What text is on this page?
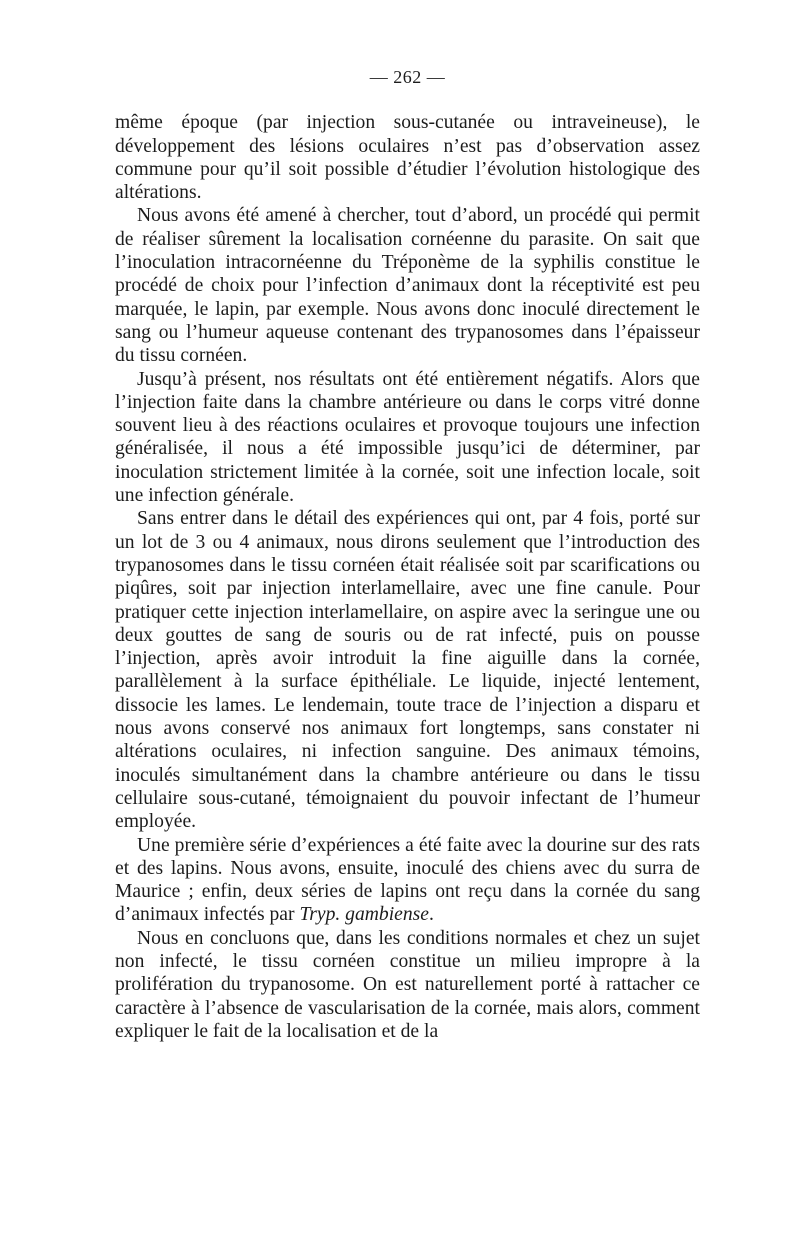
— 262 —

même époque (par injection sous-cutanée ou intraveineuse), le développement des lésions oculaires n’est pas d’observation assez commune pour qu’il soit possible d’étudier l’évolution histologique des altérations.

Nous avons été amené à chercher, tout d’abord, un procédé qui permit de réaliser sûrement la localisation cornéenne du parasite. On sait que l’inoculation intracornéenne du Tréponème de la syphilis constitue le procédé de choix pour l’infection d’animaux dont la réceptivité est peu marquée, le lapin, par exemple. Nous avons donc inoculé directement le sang ou l’humeur aqueuse contenant des trypanosomes dans l’épaisseur du tissu cornéen.

Jusqu’à présent, nos résultats ont été entièrement négatifs. Alors que l’injection faite dans la chambre antérieure ou dans le corps vitré donne souvent lieu à des réactions oculaires et provoque toujours une infection généralisée, il nous a été impossible jusqu’ici de déterminer, par inoculation strictement limitée à la cornée, soit une infection locale, soit une infection générale.

Sans entrer dans le détail des expériences qui ont, par 4 fois, porté sur un lot de 3 ou 4 animaux, nous dirons seulement que l’introduction des trypanosomes dans le tissu cornéen était réalisée soit par scarifications ou piqûres, soit par injection interlamellaire, avec une fine canule. Pour pratiquer cette injection interlamellaire, on aspire avec la seringue une ou deux gouttes de sang de souris ou de rat infecté, puis on pousse l’injection, après avoir introduit la fine aiguille dans la cornée, parallèlement à la surface épithéliale. Le liquide, injecté lentement, dissocie les lames. Le lendemain, toute trace de l’injection a disparu et nous avons conservé nos animaux fort longtemps, sans constater ni altérations oculaires, ni infection sanguine. Des animaux témoins, inoculés simultanément dans la chambre antérieure ou dans le tissu cellulaire sous-cutané, témoignaient du pouvoir infectant de l’humeur employée.

Une première série d’expériences a été faite avec la dourine sur des rats et des lapins. Nous avons, ensuite, inoculé des chiens avec du surra de Maurice ; enfin, deux séries de lapins ont reçu dans la cornée du sang d’animaux infectés par Tryp. gambiense.

Nous en concluons que, dans les conditions normales et chez un sujet non infecté, le tissu cornéen constitue un milieu impropre à la prolifération du trypanosome. On est naturellement porté à rattacher ce caractère à l’absence de vascularisation de la cornée, mais alors, comment expliquer le fait de la localisation et de la
